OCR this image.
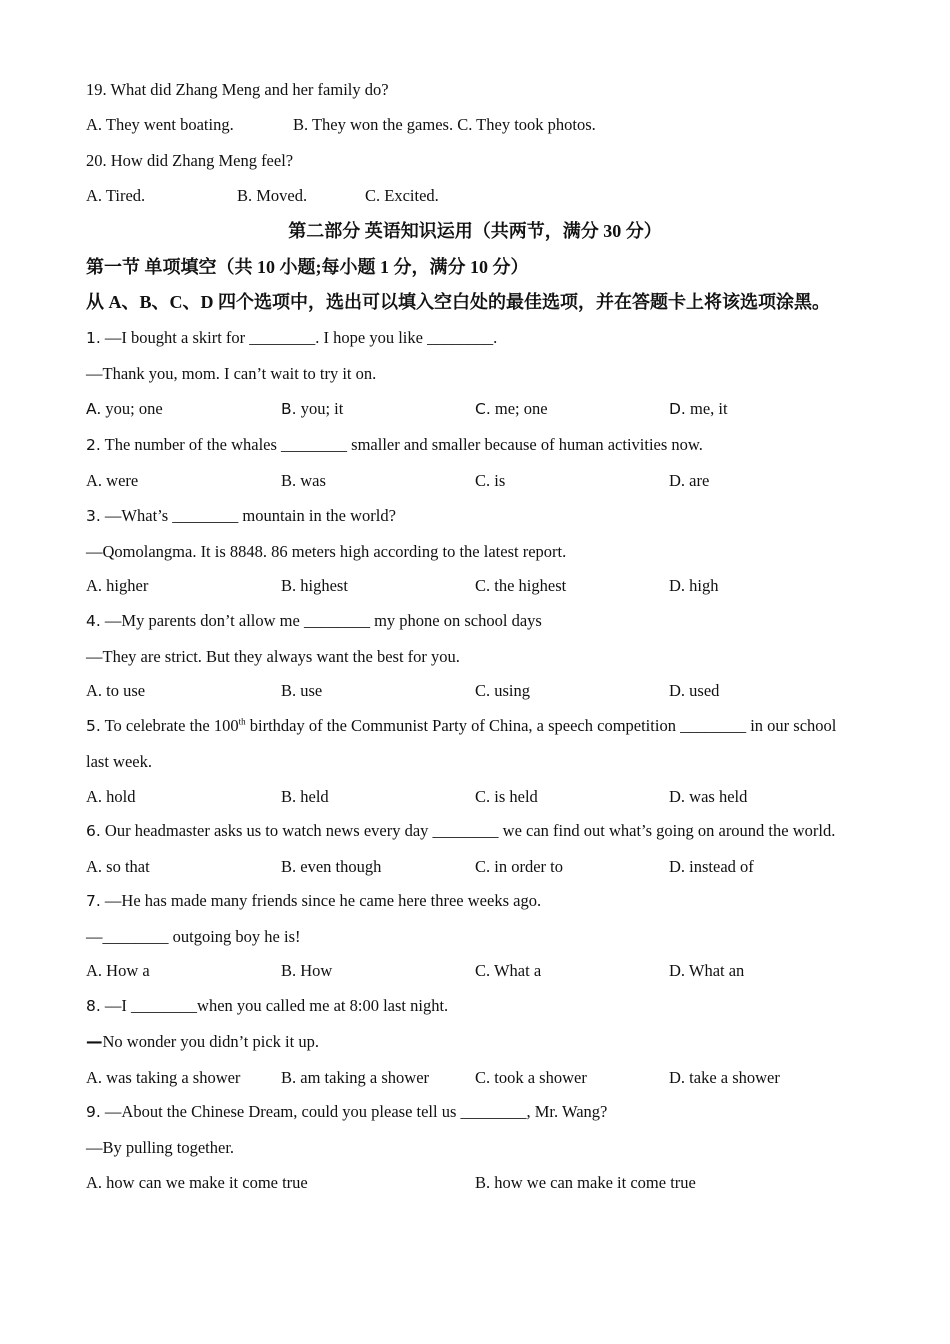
19. What did Zhang Meng and her family do?
A. They went boating.	B. They won the games. C. They took photos.
20. How did Zhang Meng feel?
A. Tired.	B. Moved.	C. Excited.
第二部分 英语知识运用（共两节，满分 30 分）
第一节 单项填空（共 10 小题;每小题 1 分，满分 10 分）
从 A、B、C、D 四个选项中，选出可以填入空白处的最佳选项，并在答题卡上将该选项涂黑。
1. —I bought a skirt for ________. I hope you like ________.
—Thank you, mom. I can’t wait to try it on.
A. you; one	B. you; it	C. me; one	D. me, it
2. The number of the whales ________ smaller and smaller because of human activities now.
A. were	B. was	C. is	D. are
3. —What’s ________ mountain in the world?
—Qomolangma. It is 8848. 86 meters high according to the latest report.
A. higher	B. highest	C. the highest	D. high
4. —My parents don’t allow me ________ my phone on school days
—They are strict. But they always want the best for you.
A. to use	B. use	C. using	D. used
5. To celebrate the 100th birthday of the Communist Party of China, a speech competition ________ in our school
last week.
A. hold	B. held	C. is held	D. was held
6. Our headmaster asks us to watch news every day ________ we can find out what’s going on around the world.
A. so that	B. even though	C. in order to	D. instead of
7. —He has made many friends since he came here three weeks ago.
—________ outgoing boy he is!
A. How a	B. How	C. What a	D. What an
8. —I ________when you called me at 8:00 last night.
—No wonder you didn’t pick it up.
A. was taking a shower B. am taking a shower	C. took a shower	D. take a shower
9. —About the Chinese Dream, could you please tell us ________, Mr. Wang?
—By pulling together.
A. how can we make it come true	B. how we can make it come true
